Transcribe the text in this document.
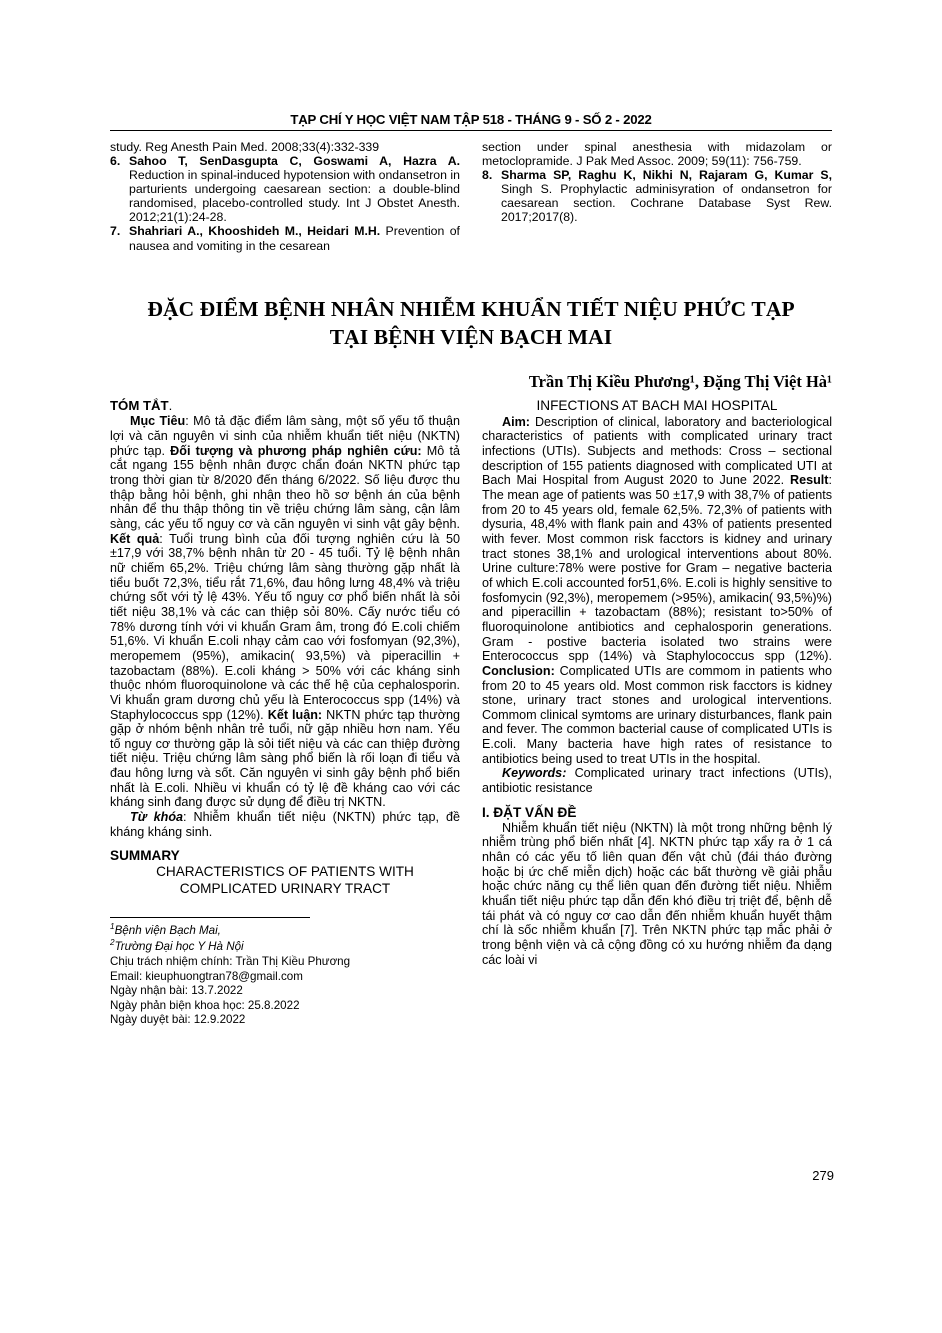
TẠP CHÍ Y HỌC VIỆT NAM TẬP 518 - THÁNG 9 - SỐ 2 - 2022

study. Reg Anesth Pain Med. 2008;33(4):332-339

6. Sahoo T, SenDasgupta C, Goswami A, Hazra A. Reduction in spinal-induced hypotension with ondansetron in parturients undergoing caesarean section: a double-blind randomised, placebo-controlled study. Int J Obstet Anesth. 2012;21(1):24-28.
7. Shahriari A., Khooshideh M., Heidari M.H. Prevention of nausea and vomiting in the cesarean

section under spinal anesthesia with midazolam or metoclopramide. J Pak Med Assoc. 2009; 59(11): 756-759.

8. Sharma SP, Raghu K, Nikhi N, Rajaram G, Kumar S, Singh S. Prophylactic adminisyration of ondansetron for caesarean section. Cochrane Database Syst Rew. 2017;2017(8).
ĐẶC ĐIỂM BỆNH NHÂN NHIỄM KHUẨN TIẾT NIỆU PHỨC TẠP
TẠI BỆNH VIỆN BẠCH MAI
Trần Thị Kiều Phương¹, Đặng Thị Việt Hà¹
TÓM TẮT.

Mục Tiêu: Mô tả đặc điểm lâm sàng, một số yếu tố thuận lợi và căn nguyên vi sinh của nhiễm khuẩn tiết niệu (NKTN) phức tạp. Đối tượng và phương pháp nghiên cứu: Mô tả cắt ngang 155 bệnh nhân được chẩn đoán NKTN phức tạp trong thời gian từ 8/2020 đến tháng 6/2022. Số liệu được thu thập bằng hỏi bệnh, ghi nhận theo hồ sơ bệnh án của bệnh nhân để thu thập thông tin về triệu chứng lâm sàng, cận lâm sàng, các yếu tố nguy cơ và căn nguyên vi sinh vật gây bệnh. Kết quả: Tuổi trung bình của đối tượng nghiên cứu là 50 ±17,9 với 38,7% bệnh nhân từ 20 - 45 tuổi. Tỷ lệ bệnh nhân nữ chiếm 65,2%. Triệu chứng lâm sàng thường gặp nhất là tiểu buốt 72,3%, tiểu rắt 71,6%, đau hông lưng 48,4% và triệu chứng sốt với tỷ lệ 43%. Yếu tố nguy cơ phổ biến nhất là sỏi tiết niệu 38,1% và các can thiệp sỏi 80%. Cấy nước tiểu có 78% dương tính với vi khuẩn Gram âm, trong đó E.coli chiếm 51,6%. Vi khuẩn E.coli nhạy cảm cao với fosfomyan (92,3%), meropemem (95%), amikacin( 93,5%) và piperacillin + tazobactam (88%). E.coli kháng > 50% với các kháng sinh thuộc nhóm fluoroquinolone và các thế hệ của cephalosporin. Vi khuẩn gram dương chủ yếu là Enterococcus spp (14%) và Staphylococcus spp (12%). Kết luận: NKTN phức tạp thường gặp ở nhóm bệnh nhân trẻ tuổi, nữ gặp nhiều hơn nam. Yếu tố nguy cơ thường gặp là sỏi tiết niệu và các can thiệp đường tiết niệu. Triệu chứng lâm sàng phổ biến là rối loạn đi tiểu và đau hông lưng và sốt. Căn nguyên vi sinh gây bệnh phổ biến nhất là E.coli. Nhiều vi khuẩn có tỷ lệ đề kháng cao với các kháng sinh đang được sử dụng để điều trị NKTN.

Từ khóa: Nhiễm khuẩn tiết niệu (NKTN) phức tạp, đề kháng kháng sinh.

SUMMARY
CHARACTERISTICS OF PATIENTS WITH
COMPLICATED URINARY TRACT

$^1$Bệnh viện Bạch Mai,

$^2$Trường Đại học Y Hà Nội

Chịu trách nhiệm chính: Trần Thị Kiều Phương

Email: kieuphuongtran78@gmail.com

Ngày nhận bài: 13.7.2022

Ngày phản biện khoa học: 25.8.2022

Ngày duyệt bài: 12.9.2022

INFECTIONS AT BACH MAI HOSPITAL

Aim: Description of clinical, laboratory and bacteriological characteristics of patients with complicated urinary tract infections (UTIs). Subjects and methods: Cross – sectional description of 155 patients diagnosed with complicated UTI at Bach Mai Hospital from August 2020 to June 2022. Result: The mean age of patients was 50 ±17,9 with 38,7% of patients from 20 to 45 years old, female 62,5%. 72,3% of patients with dysuria, 48,4% with flank pain and 43% of patients presented with fever. Most common risk facctors is kidney and urinary tract stones 38,1% and urological interventions about 80%. Urine culture:78% were postive for Gram – negative bacteria of which E.coli accounted for51,6%. E.coli is highly sensitive to fosfomycin (92,3%), meropemem (>95%), amikacin( 93,5%)%) and piperacillin + tazobactam (88%); resistant to>50% of fluoroquinolone antibiotics and cephalosporin generations. Gram - postive bacteria isolated two strains were Enterococcus spp (14%) và Staphylococcus spp (12%). Conclusion: Complicated UTIs are commom in patients who from 20 to 45 years old. Most common risk facctors is kidney stone, urinary tract stones and urological interventions. Commom clinical symtoms are urinary disturbances, flank pain and fever. The common bacterial cause of complicated UTIs is E.coli. Many bacteria have high rates of resistance to antibiotics being used to treat UTIs in the hospital.

Keywords: Complicated urinary tract infections (UTIs), antibiotic resistance

I. ĐẶT VẤN ĐỀ

Nhiễm khuẩn tiết niệu (NKTN) là một trong những bệnh lý nhiễm trùng phổ biến nhất [4]. NKTN phức tạp xẩy ra ở 1 cá nhân có các yếu tố liên quan đến vật chủ (đái tháo đường hoặc bị ức chế miễn dịch) hoặc các bất thường về giải phẫu hoặc chức năng cụ thể liên quan đến đường tiết niệu. Nhiễm khuẩn tiết niệu phức tạp dẫn đến khó điều trị triệt để, bệnh dễ tái phát và có nguy cơ cao dẫn đến nhiễm khuẩn huyết thậm chí là sốc nhiễm khuẩn [7]. Trên NKTN phức tạp mắc phải ở trong bệnh viện và cả cộng đồng có xu hướng nhiễm đa dạng các loài vi

279
